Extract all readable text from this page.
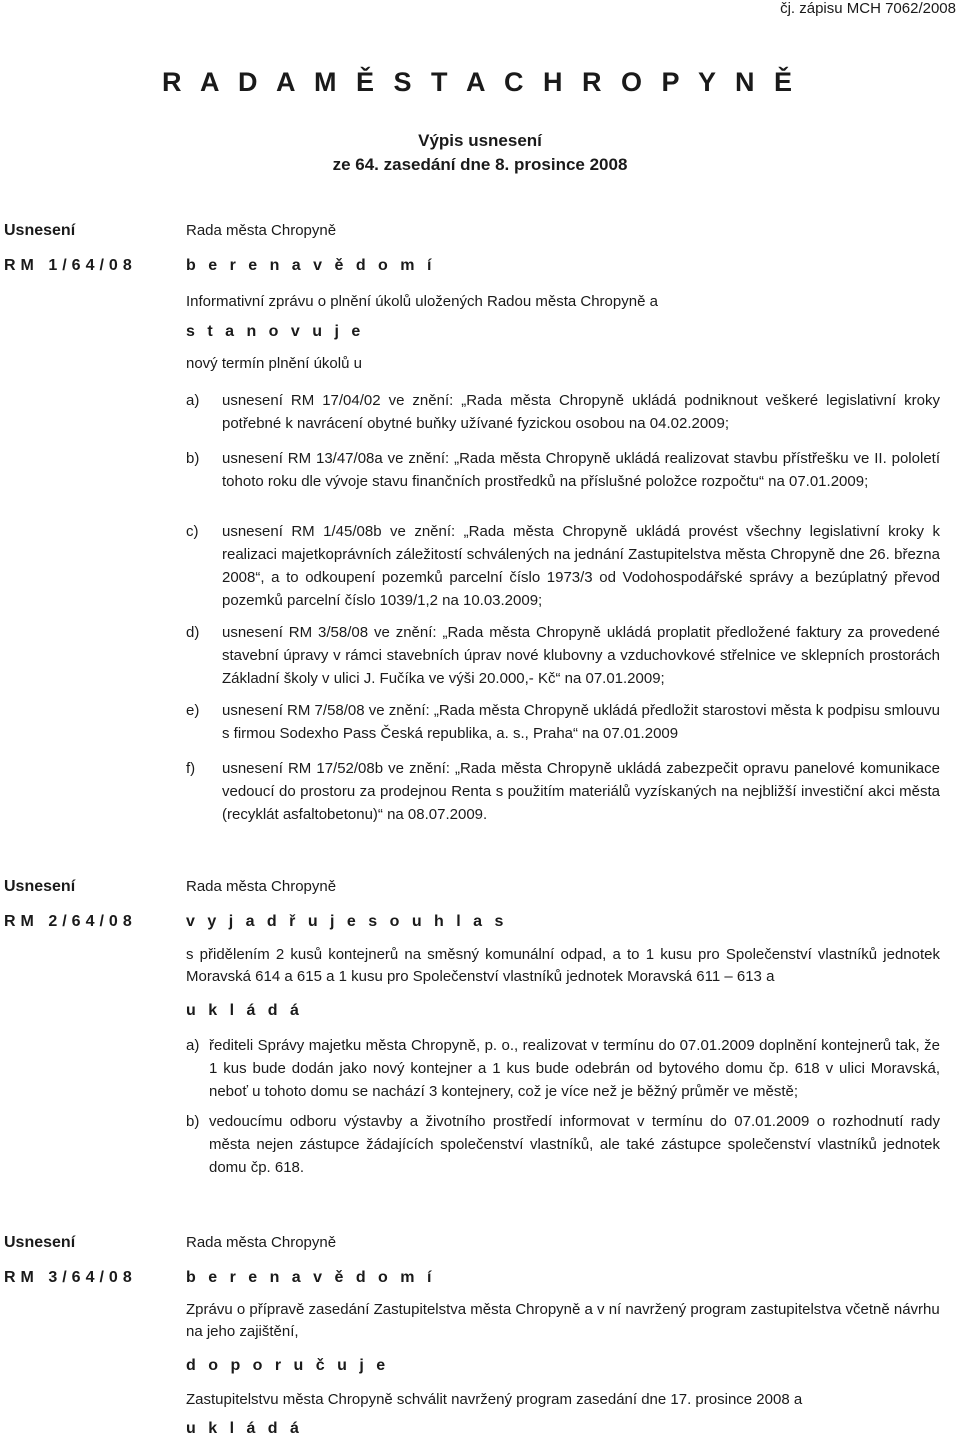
čj. zápisu MCH 7062/2008
R A D A M Ě S T A C H R O P Y N Ě
Výpis usnesení
ze 64. zasedání dne 8. prosince 2008
Usnesení
RM 1/64/08
Rada města Chropyně
b e r e n a v ě d o m í
Informativní zprávu o plnění úkolů uložených Radou města Chropyně a
s t a n o v u j e
nový termín plnění úkolů u
a) usnesení RM 17/04/02 ve znění: „Rada města Chropyně ukládá podniknout veškeré legislativní kroky potřebné k navrácení obytné buňky užívané fyzickou osobou na 04.02.2009;
b) usnesení RM 13/47/08a ve znění: „Rada města Chropyně ukládá realizovat stavbu přístřešku ve II. pololetí tohoto roku dle vývoje stavu finančních prostředků na příslušné položce rozpočtu“ na 07.01.2009;
c) usnesení RM 1/45/08b ve znění: „Rada města Chropyně ukládá provést všechny legislativní kroky k realizaci majetkoprávních záležitostí schválených na jednání Zastupitelstva města Chropyně dne 26. března 2008“, a to odkoupení pozemků parcelní číslo 1973/3 od Vodohospodářské správy a bezúplatný převod pozemků parcelní číslo 1039/1,2 na 10.03.2009;
d) usnesení RM 3/58/08 ve znění: „Rada města Chropyně ukládá proplatit předložené faktury za provedené stavební úpravy v rámci stavebních úprav nové klubovny a vzduchovkové střelnice ve sklepních prostorách Základní školy v ulici J. Fučíka ve výši 20.000,- Kč“ na 07.01.2009;
e) usnesení RM 7/58/08 ve znění: „Rada města Chropyně ukládá předložit starostovi města k podpisu smlouvu s firmou Sodexho Pass Česká republika, a. s., Praha“ na 07.01.2009
f) usnesení RM 17/52/08b ve znění: „Rada města Chropyně ukládá zabezpečit opravu panelové komunikace vedoucí do prostoru za prodejnou Renta s použitím materiálů vyzískaných na nejbližší investiční akci města (recyklát asfaltobetonu)“ na 08.07.2009.
Usnesení
RM 2/64/08
Rada města Chropyně
v y j a d ř u j e s o u h l a s
s přidělením 2 kusů kontejnerů na směsný komunální odpad, a to 1 kusu pro Společenství vlastníků jednotek Moravská 614 a 615 a 1 kusu pro Společenství vlastníků jednotek Moravská 611 – 613 a
u k l á d á
a) řediteli Správy majetku města Chropyně, p. o., realizovat v termínu do 07.01.2009 doplnění kontejnerů tak, že 1 kus bude dodán jako nový kontejner a 1 kus bude odebrán od bytového domu čp. 618 v ulici Moravská, neboť u tohoto domu se nachází 3 kontejnery, což je více než je běžný průměr ve městě;
b) vedoucímu odboru výstavby a životního prostředí informovat v termínu do 07.01.2009 o rozhodnutí rady města nejen zástupce žádajících společenství vlastníků, ale také zástupce společenství vlastníků jednotek domu čp. 618.
Usnesení
RM 3/64/08
Rada města Chropyně
b e r e n a v ě d o m í
Zprávu o přípravě zasedání Zastupitelstva města Chropyně a v ní navržený program zastupitelstva včetně návrhu na jeho zajištění,
d o p o r u č u j e
Zastupitelstvu města Chropyně schválit navržený program zasedání dne 17. prosince 2008 a
u k l á d á
